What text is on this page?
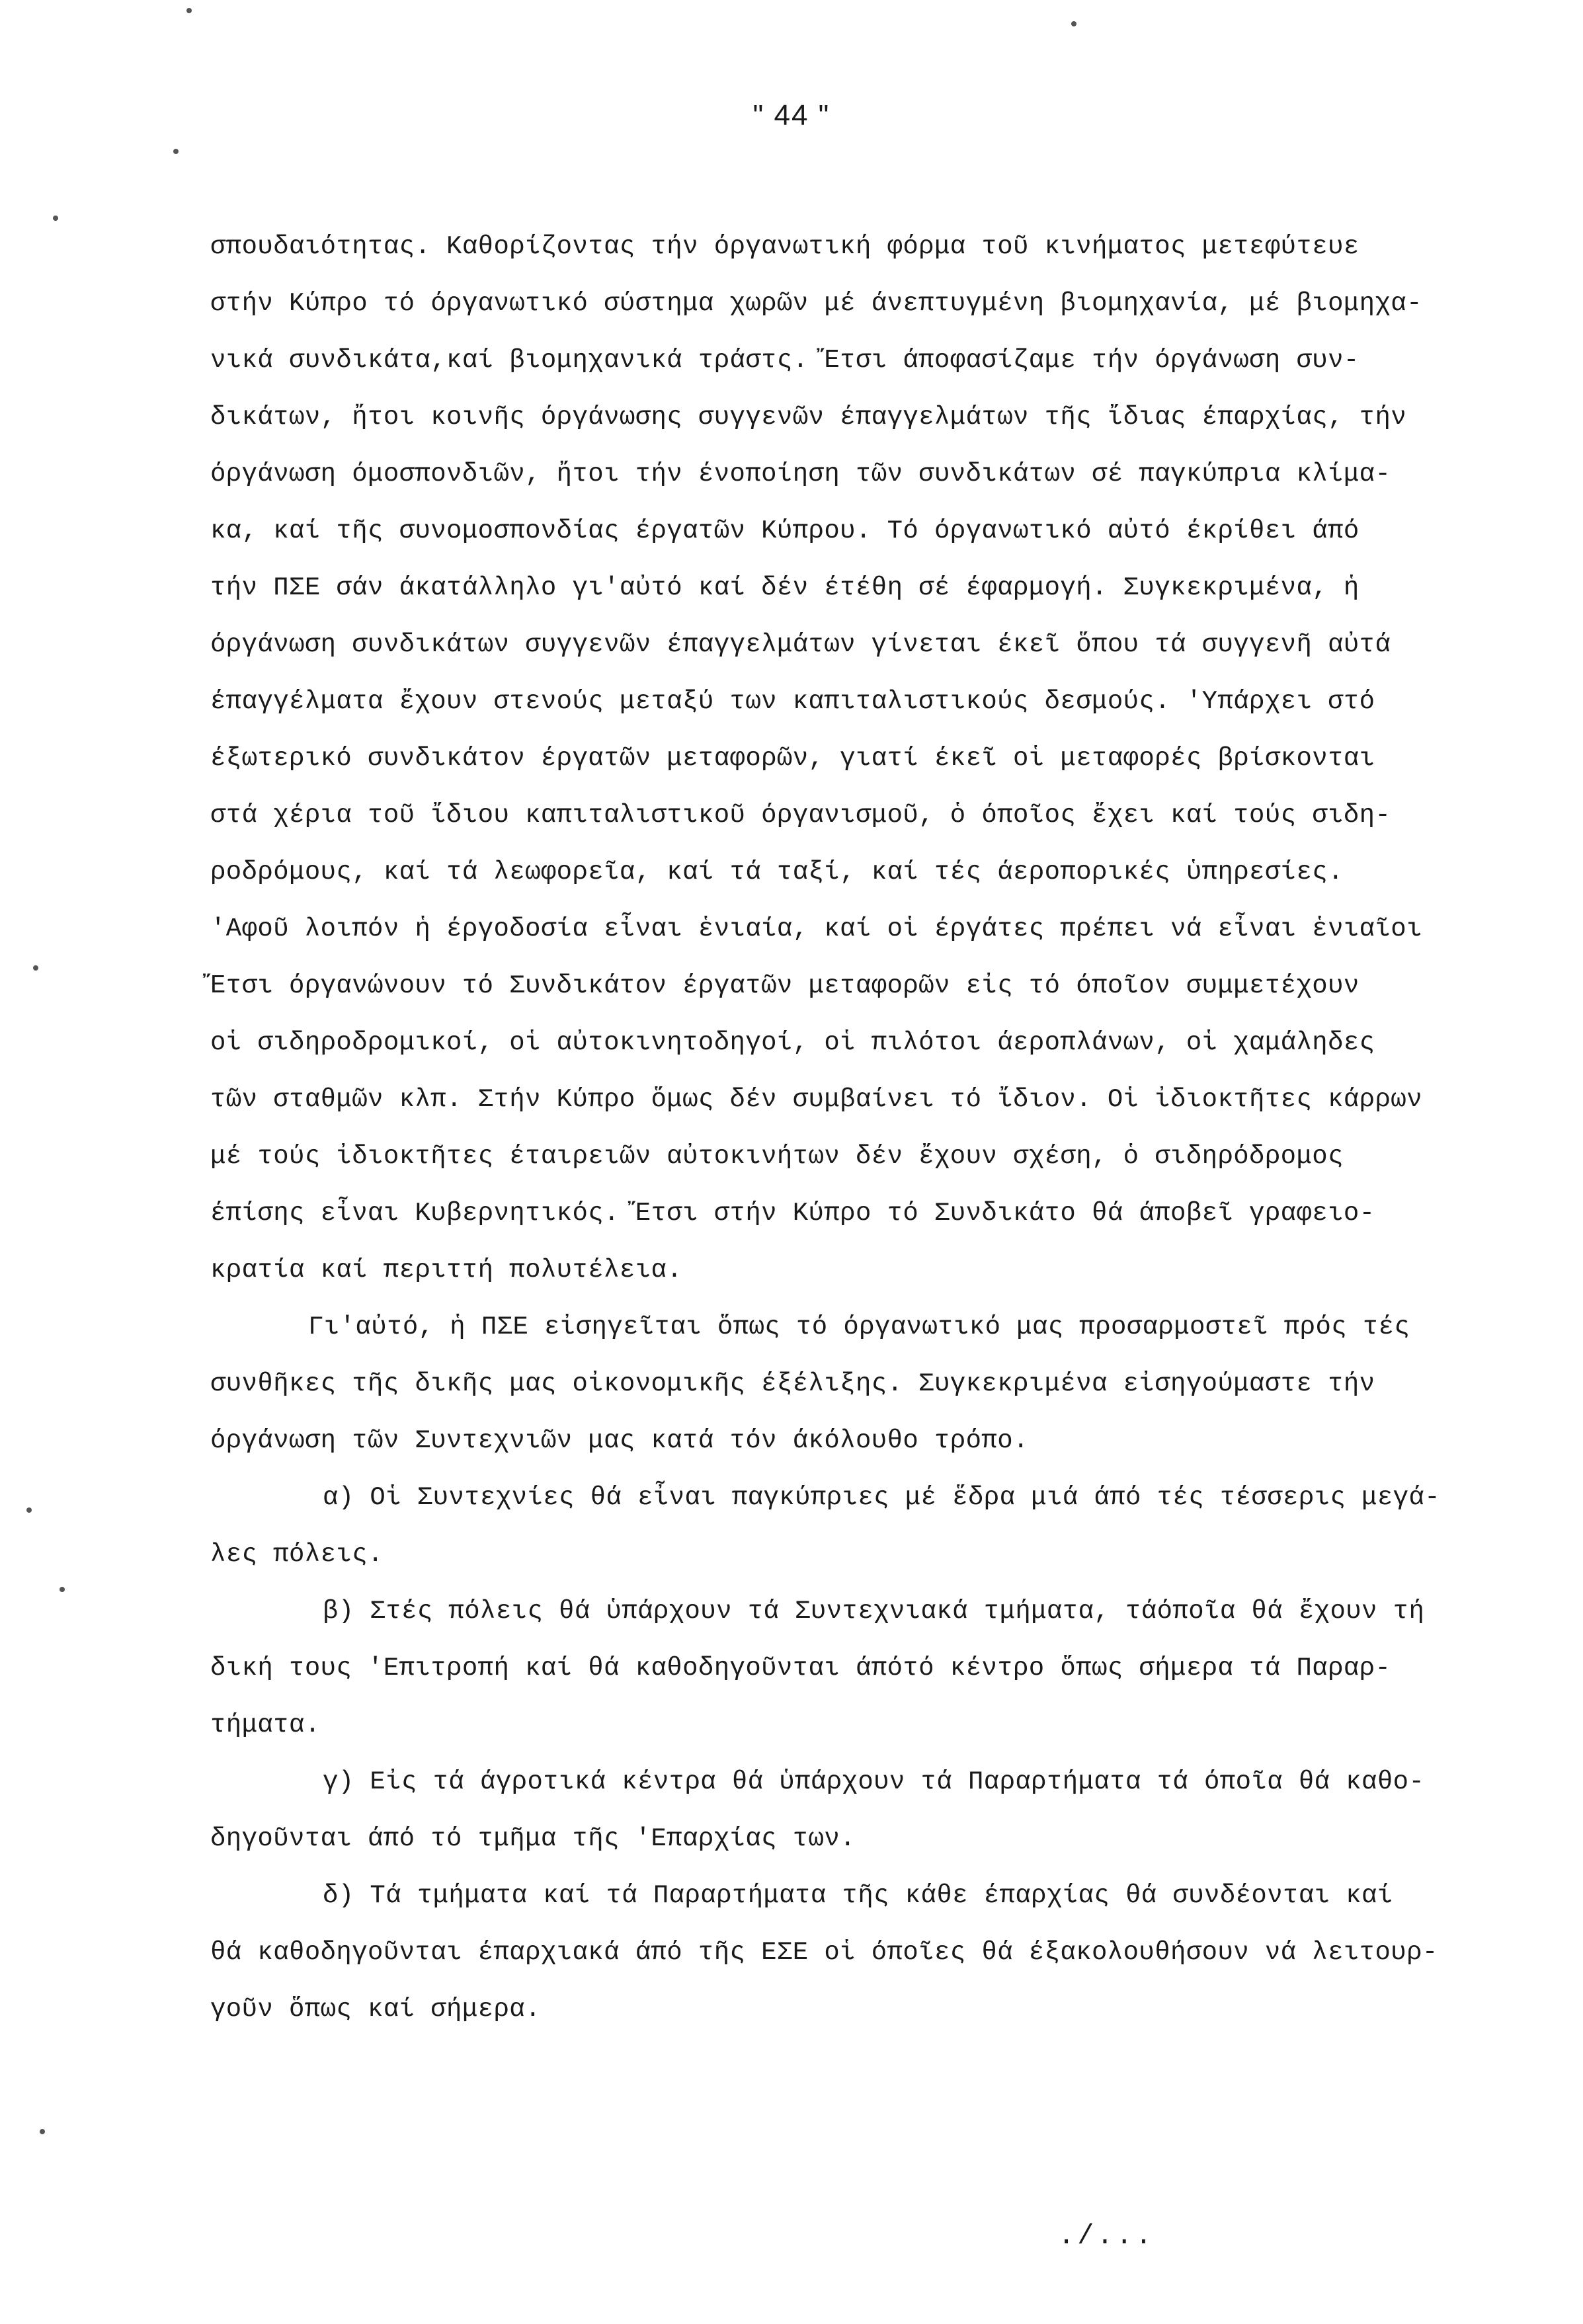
" 44 "
σπουδαιότητας. Καθορίζοντας τήν όργανωτική φόρμα τοῦ κινήματος μετεφύτευε
στήν Κύπρο τό όργανωτικό σύστημα χωρῶν μέ άνεπτυγμένη βιομηχανία, μέ βιομηχα-
νικά συνδικάτα,καί βιομηχανικά τράστς. Ἔτσι άποφασίζαμε τήν όργάνωση συν-
δικάτων, ἤτοι κοινῆς όργάνωσης συγγενῶν έπαγγελμάτων τῆς ἴδιας έπαρχίας, τήν
όργάνωση όμοσπονδιῶν, ἤτοι τήν ένοποίηση τῶν συνδικάτων σέ παγκύπρια κλίμα-
κα, καί τῆς συνομοσπονδίας έργατῶν Κύπρου. Τό όργανωτικό αὐτό έκρίθει άπό
τήν ΠΣΕ σάν άκατάλληλο γι'αὐτό καί δέν έτέθη σέ έφαρμογή. Συγκεκριμένα, ἡ
όργάνωση συνδικάτων συγγενῶν έπαγγελμάτων γίνεται έκεῖ ὅπου τά συγγενῆ αὐτά
έπαγγέλματα ἔχουν στενούς μεταξύ των καπιταλιστικούς δεσμούς. 'Υπάρχει στό
έξωτερικό συνδικάτον έργατῶν μεταφορῶν, γιατί έκεῖ οἱ μεταφορές βρίσκονται
στά χέρια τοῦ ἴδιου καπιταλιστικοῦ όργανισμοῦ, ὁ όποῖος ἔχει καί τούς σιδη-
ροδρόμους, καί τά λεωφορεῖα, καί τά ταξί, καί τές άεροπορικές ὑπηρεσίες.
'Αφοῦ λοιπόν ἡ έργοδοσία εἶναι ἑνιαία, καί οἱ έργάτες πρέπει νά εἶναι ἑνιαῖοι
Ἔτσι όργανώνουν τό Συνδικάτον έργατῶν μεταφορῶν εἰς τό όποῖον συμμετέχουν
οἱ σιδηροδρομικοί, οἱ αὐτοκινητοδηγοί, οἱ πιλότοι άεροπλάνων, οἱ χαμάληδες
τῶν σταθμῶν κλπ. Στήν Κύπρο ὅμως δέν συμβαίνει τό ἴδιον. Οἱ ἰδιοκτῆτες κάρρων
μέ τούς ἰδιοκτῆτες έταιρειῶν αὐτοκινήτων δέν ἔχουν σχέση, ὁ σιδηρόδρομος
έπίσης εἶναι Κυβερνητικός. Ἔτσι στήν Κύπρο τό Συνδικάτο θά άποβεῖ γραφειο-
κρατία καί περιττή πολυτέλεια.
Γι'αὐτό, ἡ ΠΣΕ εἰσηγεῖται ὅπως τό όργανωτικό μας προσαρμοστεῖ πρός τές
συνθῆκες τῆς δικῆς μας οἰκονομικῆς έξέλιξης. Συγκεκριμένα εἰσηγούμαστε τήν
όργάνωση τῶν Συντεχνιῶν μας κατά τόν άκόλουθο τρόπο.
α) Οἱ Συντεχνίες θά εἶναι παγκύπριες μέ ἕδρα μιά άπό τές τέσσερις μεγά-
λες πόλεις.
β) Στές πόλεις θά ὑπάρχουν τά Συντεχνιακά τμήματα, τάόποῖα θά ἔχουν τή
δική τους 'Επιτροπή καί θά καθοδηγοῦνται άπότό κέντρο ὅπως σήμερα τά Παραρ-
τήματα.
γ) Εἰς τά άγροτικά κέντρα θά ὑπάρχουν τά Παραρτήματα τά όποῖα θά καθο-
δηγοῦνται άπό τό τμῆμα τῆς 'Επαρχίας των.
δ) Τά τμήματα καί τά Παραρτήματα τῆς κάθε έπαρχίας θά συνδέονται καί
θά καθοδηγοῦνται έπαρχιακά άπό τῆς ΕΣΕ οἱ όποῖες θά έξακολουθήσουν νά λειτουρ-
γοῦν ὅπως καί σήμερα.
./...
